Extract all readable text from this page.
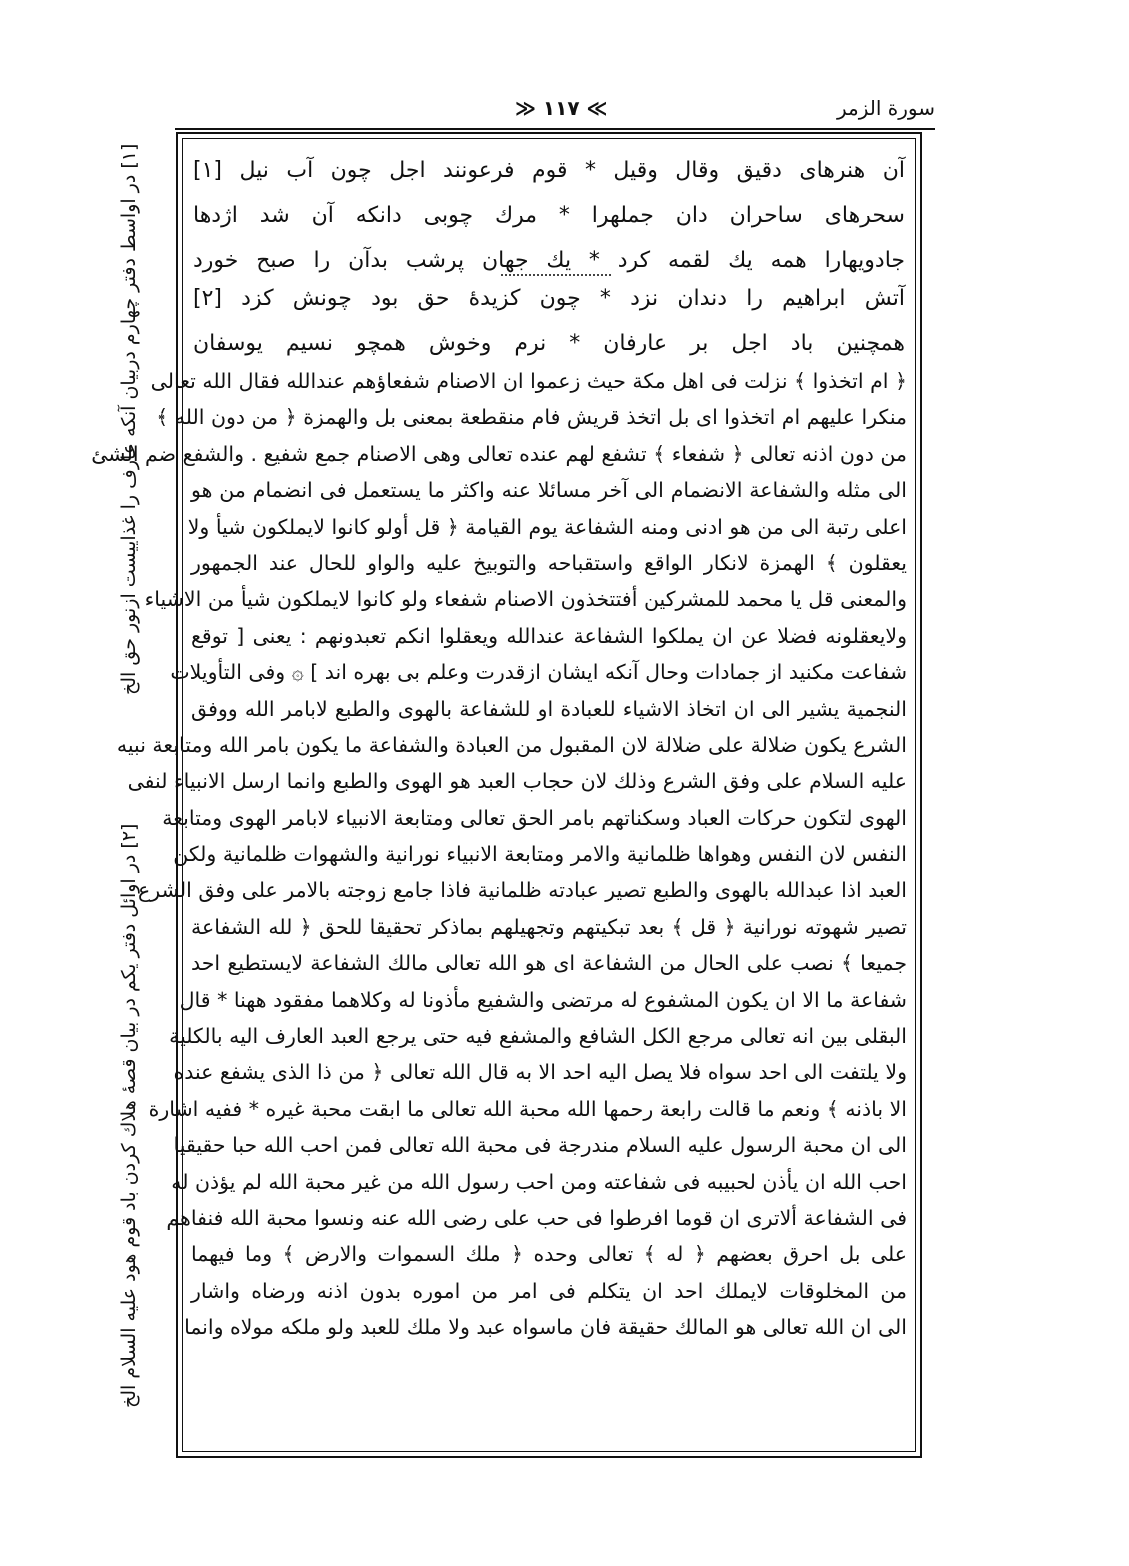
سورة الزمر
≫ ١١٧ ≪
[١] در اواسط دفتر چهارم دربيان آنكه عارف را غذاييست ازنور حق الخ
[٢] در اوائل دفتر يكم در بيان قصهٔ هلاك كردن باد قوم هود عليه السلام الخ
آن هنرهاى دقيق وقال وقيل * قوم فرعونند اجل چون آب نيل [١]
سحرهاى ساحران دان جملهرا * مرك چوبى دانكه آن شد اژدها
جادويهارا همه يك لقمه كرد * يك جهان پرشب بدآن را صبح خورد
آتش ابراهيم را دندان نزد * چون كزيدهٔ حق بود چونش كزد [٢]
همچنين باد اجل بر عارفان * نرم وخوش همچو نسيم يوسفان
﴿ ام اتخذوا ﴾ نزلت فى اهل مكة حيث زعموا ان الاصنام شفعاؤهم عندالله فقال الله تعالى
منكرا عليهم ام اتخذوا اى بل اتخذ قريش فام منقطعة بمعنى بل والهمزة ﴿ من دون الله ﴾
من دون اذنه تعالى ﴿ شفعاء ﴾ تشفع لهم عنده تعالى وهى الاصنام جمع شفيع . والشفع ضم الشئ
الى مثله والشفاعة الانضمام الى آخر مسائلا عنه واكثر ما يستعمل فى انضمام من هو
اعلى رتبة الى من هو ادنى ومنه الشفاعة يوم القيامة ﴿ قل أولو كانوا لايملكون شيأ ولا
يعقلون ﴾ الهمزة لانكار الواقع واستقباحه والتوبيخ عليه والواو للحال عند الجمهور
والمعنى قل يا محمد للمشركين أفتتخذون الاصنام شفعاء ولو كانوا لايملكون شيأ من الاشياء
ولايعقلونه فضلا عن ان يملكوا الشفاعة عندالله ويعقلوا انكم تعبدونهم : يعنى [ توقع
شفاعت مكنيد از جمادات وحال آنكه ايشان ازقدرت وعلم بى بهره اند ] ۞ وفى التأويلات
النجمية يشير الى ان اتخاذ الاشياء للعبادة او للشفاعة بالهوى والطبع لابامر الله ووفق
الشرع يكون ضلالة على ضلالة لان المقبول من العبادة والشفاعة ما يكون بامر الله ومتابعة نبيه
عليه السلام على وفق الشرع وذلك لان حجاب العبد هو الهوى والطبع وانما ارسل الانبياء لنفى
الهوى لتكون حركات العباد وسكناتهم بامر الحق تعالى ومتابعة الانبياء لابامر الهوى ومتابعة
النفس لان النفس وهواها ظلمانية والامر ومتابعة الانبياء نورانية والشهوات ظلمانية ولكن
العبد اذا عبدالله بالهوى والطبع تصير عبادته ظلمانية فاذا جامع زوجته بالامر على وفق الشرع
تصير شهوته نورانية ﴿ قل ﴾ بعد تبكيتهم وتجهيلهم بماذكر تحقيقا للحق ﴿ لله الشفاعة
جميعا ﴾ نصب على الحال من الشفاعة اى هو الله تعالى مالك الشفاعة لايستطيع احد
شفاعة ما الا ان يكون المشفوع له مرتضى والشفيع مأذونا له وكلاهما مفقود ههنا * قال
البقلى بين انه تعالى مرجع الكل الشافع والمشفع فيه حتى يرجع العبد العارف اليه بالكلية
ولا يلتفت الى احد سواه فلا يصل اليه احد الا به قال الله تعالى ﴿ من ذا الذى يشفع عنده
الا باذنه ﴾ ونعم ما قالت رابعة رحمها الله محبة الله تعالى ما ابقت محبة غيره * ففيه اشارة
الى ان محبة الرسول عليه السلام مندرجة فى محبة الله تعالى فمن احب الله حبا حقيقيا
احب الله ان يأذن لحبيبه فى شفاعته ومن احب رسول الله من غير محبة الله لم يؤذن له
فى الشفاعة ألاترى ان قوما افرطوا فى حب على رضى الله عنه ونسوا محبة الله فنفاهم
على بل احرق بعضهم ﴿ له ﴾ تعالى وحده ﴿ ملك السموات والارض ﴾ وما فيهما
من المخلوقات لايملك احد ان يتكلم فى امر من اموره بدون اذنه ورضاه واشار
الى ان الله تعالى هو المالك حقيقة فان ماسواه عبد ولا ملك للعبد ولو ملكه مولاه وانما
